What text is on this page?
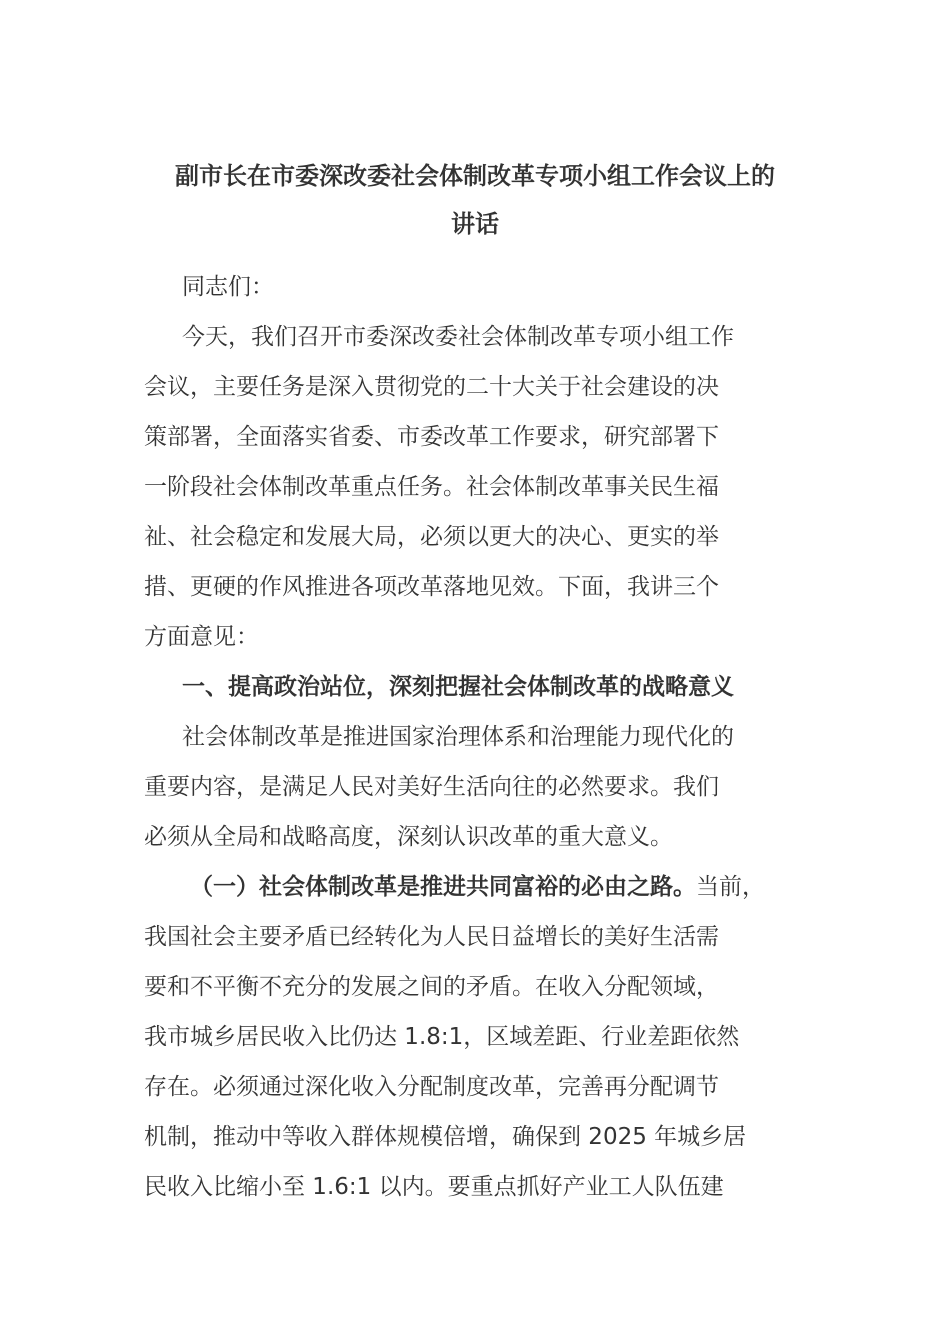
副市长在市委深改委社会体制改革专项小组工作会议上的
讲话
同志们：
今天，我们召开市委深改委社会体制改革专项小组工作
会议，主要任务是深入贯彻党的二十大关于社会建设的决
策部署，全面落实省委、市委改革工作要求，研究部署下
一阶段社会体制改革重点任务。社会体制改革事关民生福
祉、社会稳定和发展大局，必须以更大的决心、更实的举
措、更硬的作风推进各项改革落地见效。下面，我讲三个
方面意见：
一、提高政治站位，深刻把握社会体制改革的战略意义
社会体制改革是推进国家治理体系和治理能力现代化的
重要内容，是满足人民对美好生活向往的必然要求。我们
必须从全局和战略高度，深刻认识改革的重大意义。
（一）社会体制改革是推进共同富裕的必由之路。当前，
我国社会主要矛盾已经转化为人民日益增长的美好生活需
要和不平衡不充分的发展之间的矛盾。在收入分配领域，
我市城乡居民收入比仍达 1.8:1，区域差距、行业差距依然
存在。必须通过深化收入分配制度改革，完善再分配调节
机制，推动中等收入群体规模倍增，确保到 2025 年城乡居
民收入比缩小至 1.6:1 以内。要重点抓好产业工人队伍建
